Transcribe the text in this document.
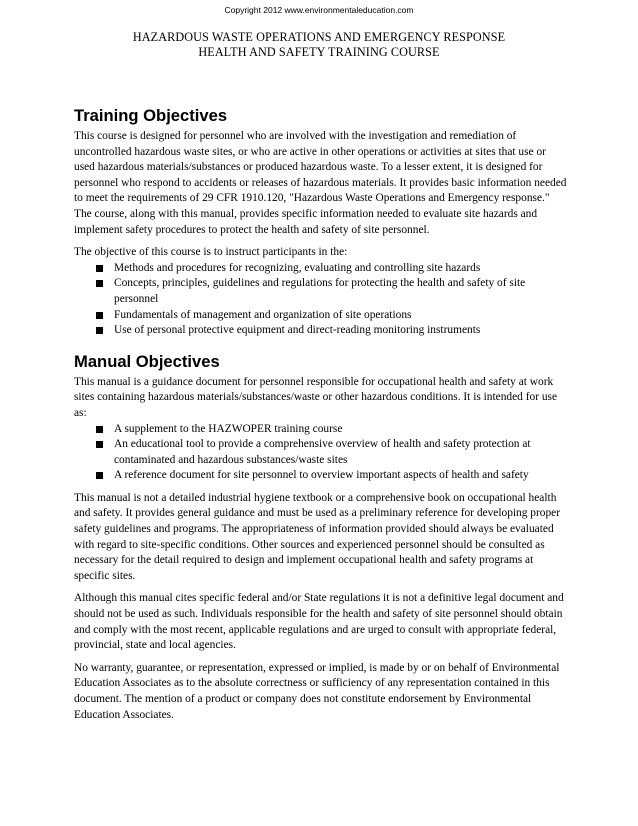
Copyright 2012 www.environmentaleducation.com
HAZARDOUS WASTE OPERATIONS AND EMERGENCY RESPONSE
HEALTH AND SAFETY TRAINING COURSE
Training Objectives

This course is designed for personnel who are involved with the investigation and remediation of uncontrolled hazardous waste sites, or who are active in other operations or activities at sites that use or used hazardous materials/substances or produced hazardous waste. To a lesser extent, it is designed for personnel who respond to accidents or releases of hazardous materials. It provides basic information needed to meet the requirements of 29 CFR 1910.120, "Hazardous Waste Operations and Emergency response." The course, along with this manual, provides specific information needed to evaluate site hazards and implement safety procedures to protect the health and safety of site personnel.

The objective of this course is to instruct participants in the:

Methods and procedures for recognizing, evaluating and controlling site hazards
Concepts, principles, guidelines and regulations for protecting the health and safety of site personnel
Fundamentals of management and organization of site operations
Use of personal protective equipment and direct-reading monitoring instruments
Manual Objectives

This manual is a guidance document for personnel responsible for occupational health and safety at work sites containing hazardous materials/substances/waste or other hazardous conditions. It is intended for use as:

A supplement to the HAZWOPER training course
An educational tool to provide a comprehensive overview of health and safety protection at contaminated and hazardous substances/waste sites
A reference document for site personnel to overview important aspects of health and safety

This manual is not a detailed industrial hygiene textbook or a comprehensive book on occupational health and safety. It provides general guidance and must be used as a preliminary reference for developing proper safety guidelines and programs. The appropriateness of information provided should always be evaluated with regard to site-specific conditions. Other sources and experienced personnel should be consulted as necessary for the detail required to design and implement occupational health and safety programs at specific sites.

Although this manual cites specific federal and/or State regulations it is not a definitive legal document and should not be used as such. Individuals responsible for the health and safety of site personnel should obtain and comply with the most recent, applicable regulations and are urged to consult with appropriate federal, provincial, state and local agencies.

No warranty, guarantee, or representation, expressed or implied, is made by or on behalf of Environmental Education Associates as to the absolute correctness or sufficiency of any representation contained in this document. The mention of a product or company does not constitute endorsement by Environmental Education Associates.
